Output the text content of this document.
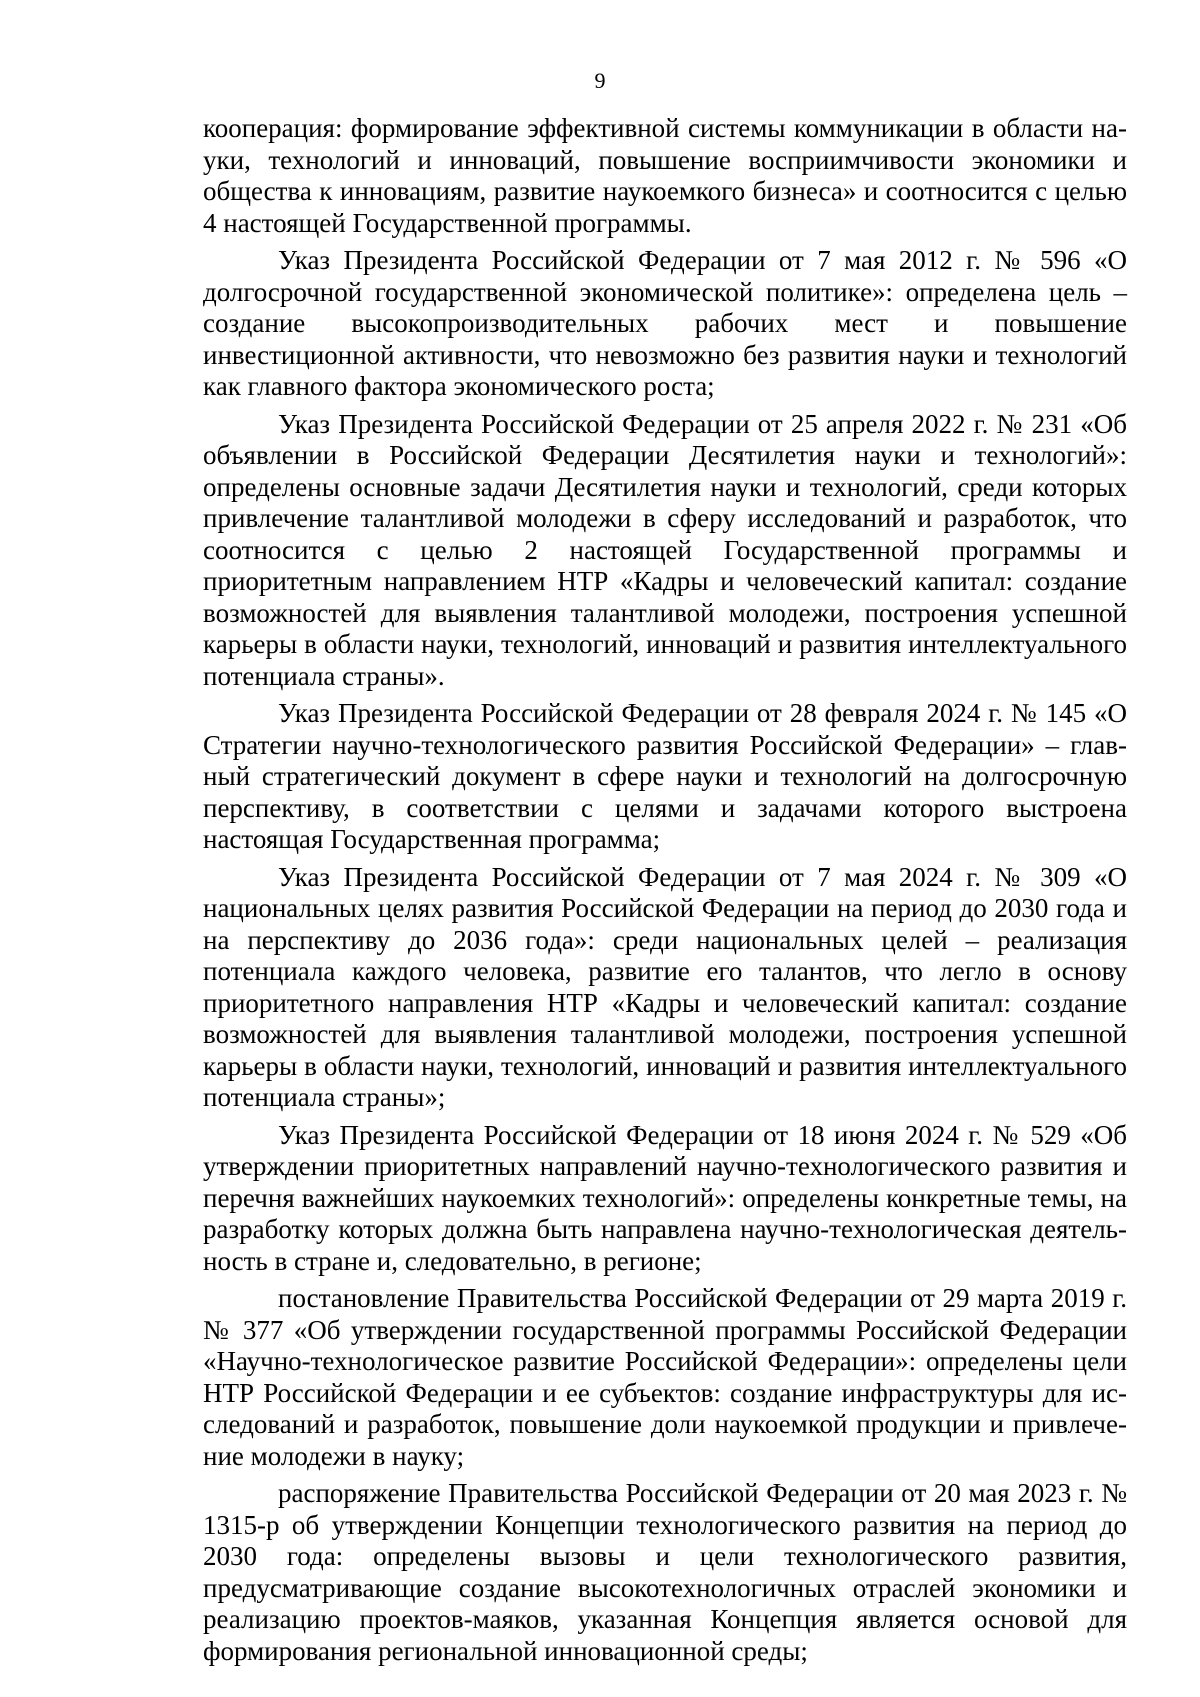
9

кооперация: формирование эффективной системы коммуникации в области науки, технологий и инноваций, повышение восприимчивости экономики и общества к инновациям, развитие наукоемкого бизнеса» и соотносится с целью 4 настоящей Государственной программы.

Указ Президента Российской Федерации от 7 мая 2012 г. № 596 «О долгосрочной государственной экономической политике»: определена цель – создание высокопроизводительных рабочих мест и повышение инвестиционной активности, что невозможно без развития науки и технологий как главного фактора экономического роста;

Указ Президента Российской Федерации от 25 апреля 2022 г. № 231 «Об объявлении в Российской Федерации Десятилетия науки и технологий»: определены основные задачи Десятилетия науки и технологий, среди которых привлечение талантливой молодежи в сферу исследований и разработок, что соотносится с целью 2 настоящей Государственной программы и приоритетным направлением НТР «Кадры и человеческий капитал: создание возможностей для выявления талантливой молодежи, построения успешной карьеры в области науки, технологий, инноваций и развития интеллектуального потенциала страны».

Указ Президента Российской Федерации от 28 февраля 2024 г. № 145 «О Стратегии научно-технологического развития Российской Федерации» – главный стратегический документ в сфере науки и технологий на долгосрочную перспективу, в соответствии с целями и задачами которого выстроена настоящая Государственная программа;

Указ Президента Российской Федерации от 7 мая 2024 г. № 309 «О национальных целях развития Российской Федерации на период до 2030 года и на перспективу до 2036 года»: среди национальных целей – реализация потенциала каждого человека, развитие его талантов, что легло в основу приоритетного направления НТР «Кадры и человеческий капитал: создание возможностей для выявления талантливой молодежи, построения успешной карьеры в области науки, технологий, инноваций и развития интеллектуального потенциала страны»;

Указ Президента Российской Федерации от 18 июня 2024 г. № 529 «Об утверждении приоритетных направлений научно-технологического развития и перечня важнейших наукоемких технологий»: определены конкретные темы, на разработку которых должна быть направлена научно-технологическая деятельность в стране и, следовательно, в регионе;

постановление Правительства Российской Федерации от 29 марта 2019 г. № 377 «Об утверждении государственной программы Российской Федерации «Научно-технологическое развитие Российской Федерации»: определены цели НТР Российской Федерации и ее субъектов: создание инфраструктуры для исследований и разработок, повышение доли наукоемкой продукции и привлечение молодежи в науку;

распоряжение Правительства Российской Федерации от 20 мая 2023 г. № 1315-р об утверждении Концепции технологического развития на период до 2030 года: определены вызовы и цели технологического развития, предусматривающие создание высокотехнологичных отраслей экономики и реализацию проектов-маяков, указанная Концепция является основой для формирования региональной инновационной среды;
